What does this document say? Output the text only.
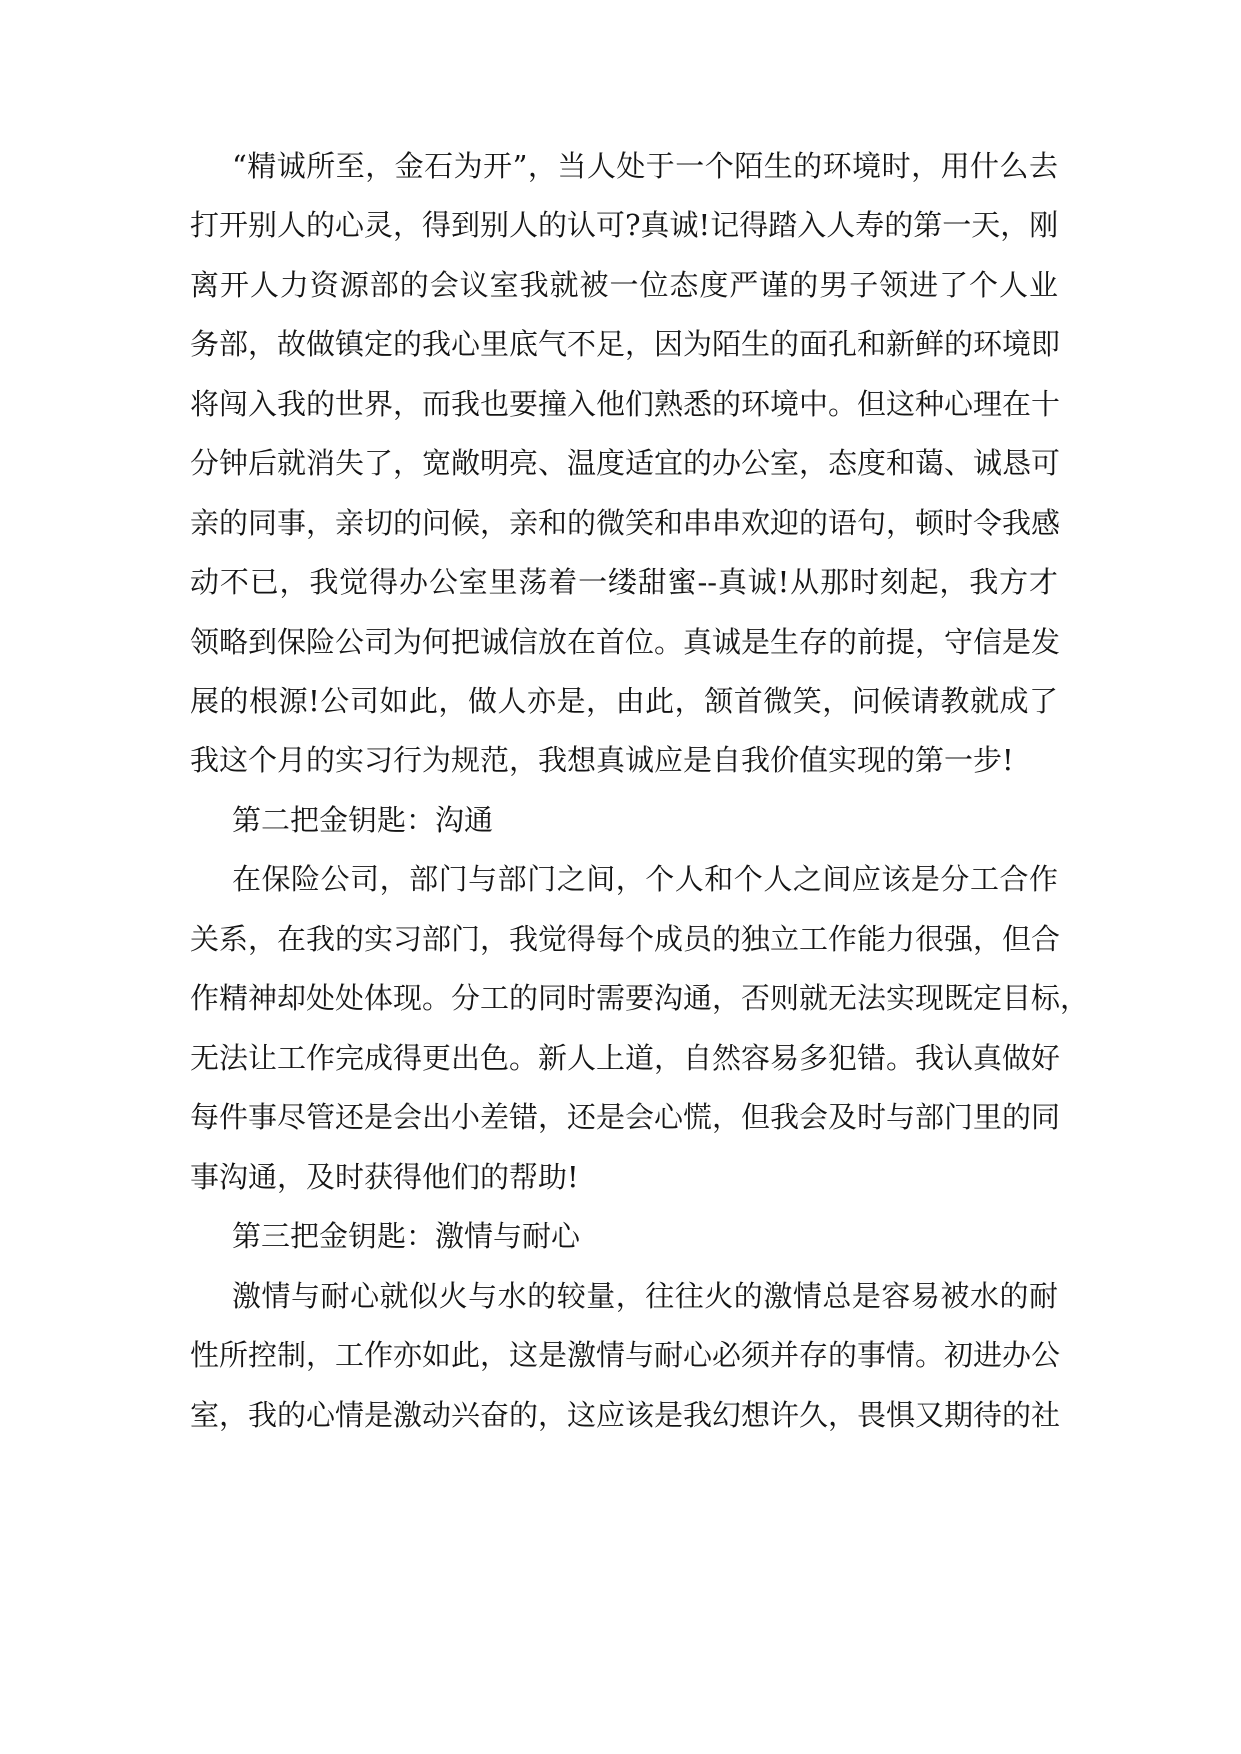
“精诚所至，金石为开”，当人处于一个陌生的环境时，用什么去
打开别人的心灵，得到别人的认可?真诚!记得踏入人寿的第一天，刚
离开人力资源部的会议室我就被一位态度严谨的男子领进了个人业
务部，故做镇定的我心里底气不足，因为陌生的面孔和新鲜的环境即
将闯入我的世界，而我也要撞入他们熟悉的环境中。但这种心理在十
分钟后就消失了，宽敞明亮、温度适宜的办公室，态度和蔼、诚恳可
亲的同事，亲切的问候，亲和的微笑和串串欢迎的语句，顿时令我感
动不已，我觉得办公室里荡着一缕甜蜜--真诚!从那时刻起，我方才
领略到保险公司为何把诚信放在首位。真诚是生存的前提，守信是发
展的根源!公司如此，做人亦是，由此，颔首微笑，问候请教就成了
我这个月的实习行为规范，我想真诚应是自我价值实现的第一步!
第二把金钥匙：沟通
在保险公司，部门与部门之间，个人和个人之间应该是分工合作
关系，在我的实习部门，我觉得每个成员的独立工作能力很强，但合
作精神却处处体现。分工的同时需要沟通，否则就无法实现既定目标，
无法让工作完成得更出色。新人上道，自然容易多犯错。我认真做好
每件事尽管还是会出小差错，还是会心慌，但我会及时与部门里的同
事沟通，及时获得他们的帮助!
第三把金钥匙：激情与耐心
激情与耐心就似火与水的较量，往往火的激情总是容易被水的耐
性所控制，工作亦如此，这是激情与耐心必须并存的事情。初进办公
室，我的心情是激动兴奋的，这应该是我幻想许久，畏惧又期待的社
